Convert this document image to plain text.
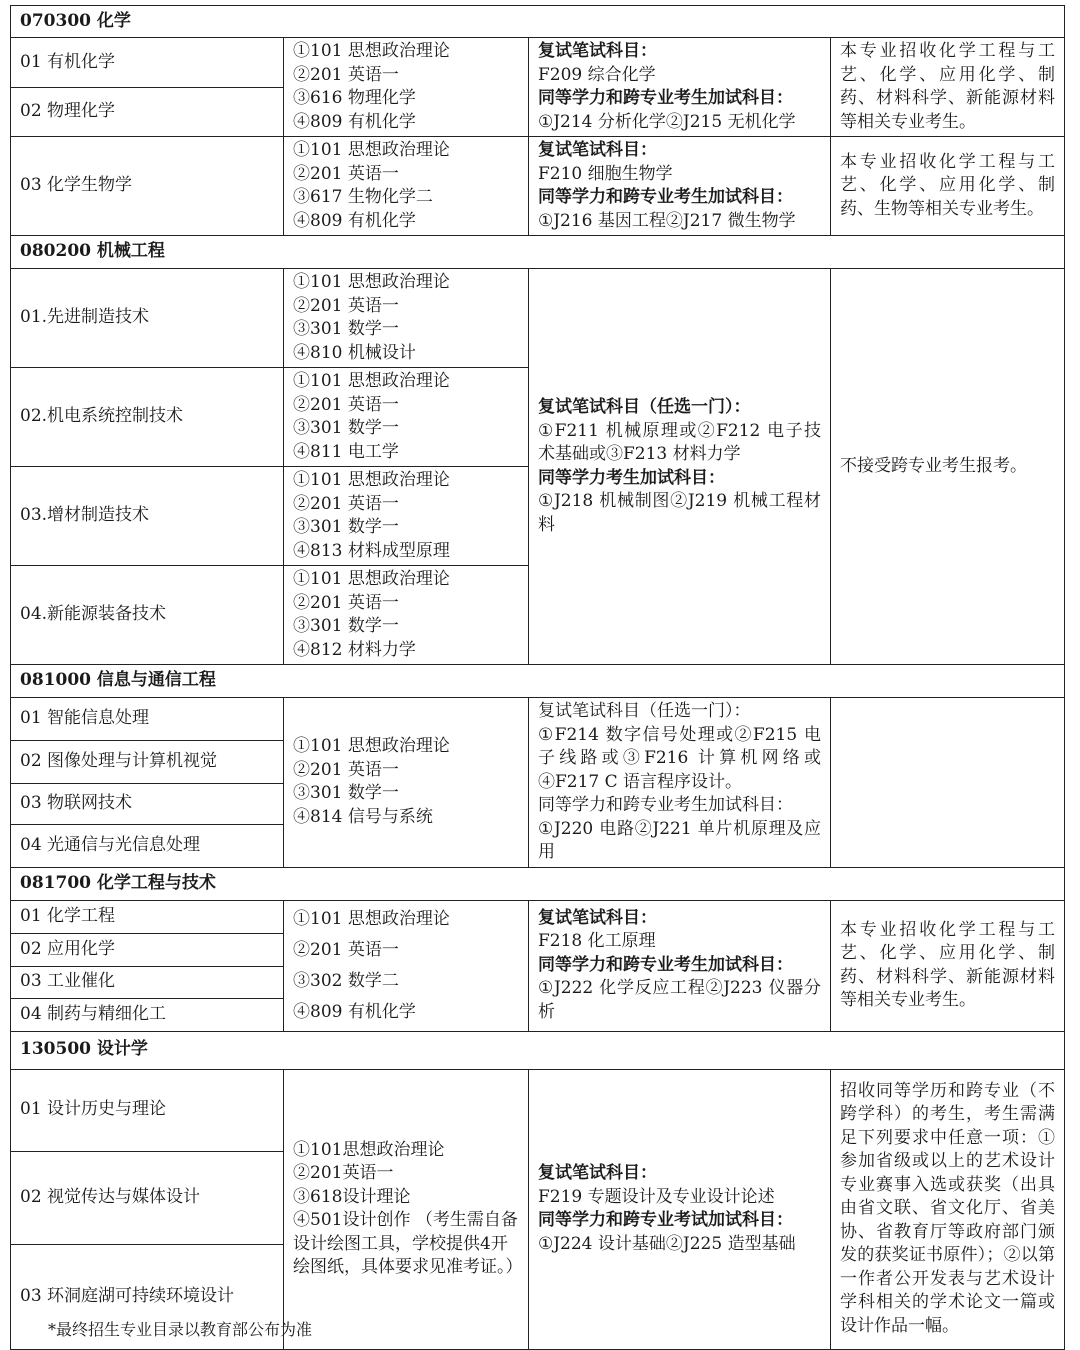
070300 化学			
01 有机化学	①101 思想政治理论
②201 英语一
③616 物理化学
④809 有机化学	复试笔试科目：
F209 综合化学
同等学力和跨专业考生加试科目：
①J214 分析化学②J215 无机化学	本专业招收化学工程与工艺、化学、应用化学、制药、材料科学、新能源材料等相关专业考生。
02 物理化学			
03 化学生物学	①101 思想政治理论
②201 英语一
③617 生物化学二
④809 有机化学	复试笔试科目：
F210 细胞生物学
同等学力和跨专业考生加试科目：
①J216 基因工程②J217 微生物学	本专业招收化学工程与工艺、化学、应用化学、制药、生物等相关专业考生。
080200 机械工程			
01.先进制造技术	①101 思想政治理论
②201 英语一
③301 数学一
④810 机械设计	复试笔试科目（任选一门）：
①F211 机械原理或②F212 电子技术基础或③F213 材料力学
同等学力考生加试科目：
①J218 机械制图②J219 机械工程材料	不接受跨专业考生报考。
02.机电系统控制技术	①101 思想政治理论
②201 英语一
③301 数学一
④811 电工学		

03.增材制造技术	①101 思想政治理论
②201 英语一
③301 数学一
④813 材料成型原理		

04.新能源装备技术	①101 思想政治理论
②201 英语一
③301 数学一
④812 材料力学		

081000 信息与通信工程			
01 智能信息处理	①101 思想政治理论
②201 英语一
③301 数学一
④814 信号与系统	复试笔试科目（任选一门）：
①F214 数字信号处理或②F215 电子线路或③F216 计算机网络或④F217 C 语言程序设计。
同等学力和跨专业考生加试科目：
①J220 电路②J221 单片机原理及应用	

02 图像处理与计算机视觉			
03 物联网技术			
04 光通信与光信息处理			
081700 化学工程与技术			
01 化学工程	①101 思想政治理论
②201 英语一
③302 数学二
④809 有机化学	复试笔试科目：
F218 化工原理
同等学力和跨专业考生加试科目：
①J222 化学反应工程②J223 仪器分析	本专业招收化学工程与工艺、化学、应用化学、制药、材料科学、新能源材料等相关专业考生。
02 应用化学			
03 工业催化			
04 制药与精细化工			
130500 设计学			
01 设计历史与理论	①101思想政治理论
②201英语一
③618设计理论
④501设计创作 （考生需自备设计绘图工具，学校提供4开绘图纸，具体要求见准考证。）	复试笔试科目：
F219 专题设计及专业设计论述
同等学力和跨专业考试加试科目：
①J224 设计基础②J225 造型基础	招收同等学历和跨专业（不跨学科）的考生，考生需满足下列要求中任意一项：①参加省级或以上的艺术设计专业赛事入选或获奖（出具由省文联、省文化厅、省美协、省教育厅等政府部门颁发的获奖证书原件）；②以第一作者公开发表与艺术设计学科相关的学术论文一篇或设计作品一幅。
02 视觉传达与媒体设计			
03 环洞庭湖可持续环境设计			
*最终招生专业目录以教育部公布为准
